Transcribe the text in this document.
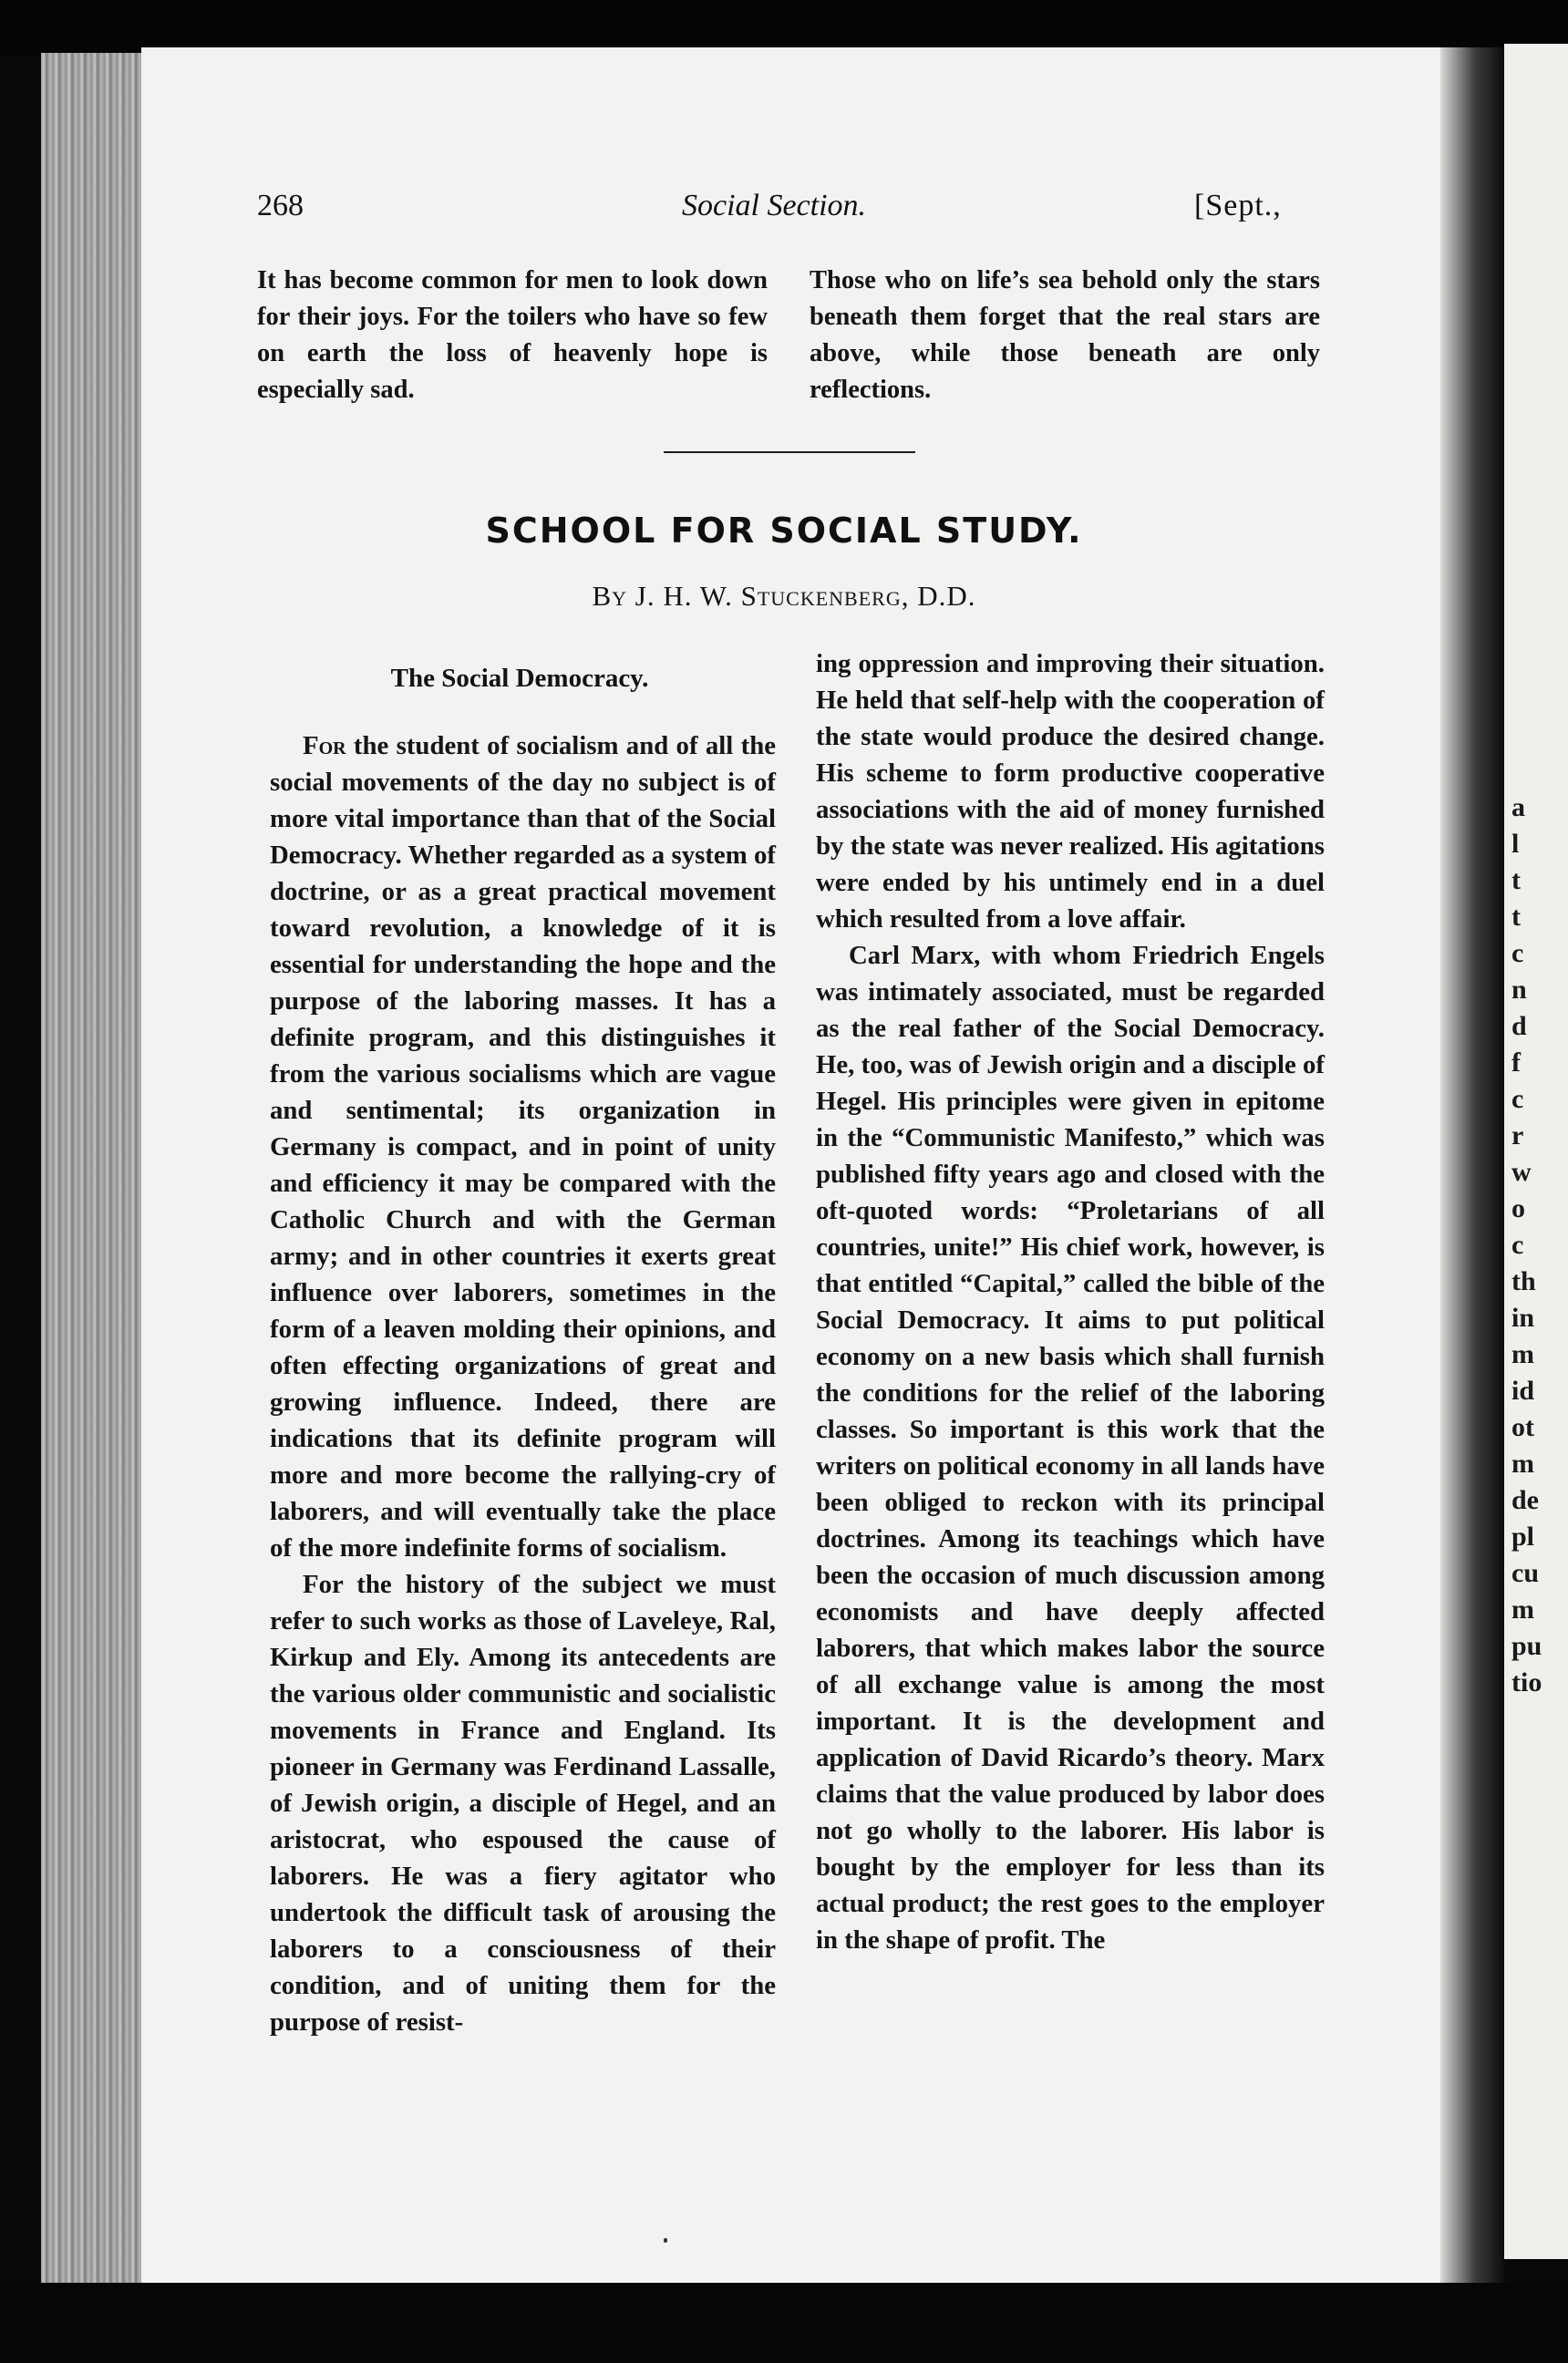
a
l
t
t
c
n
d
f
c
r
w
o
c
th
in
m
id
ot
m
de
pl
cu
m
pu
tio
268	Social Section.	[Sept.,
It has become common for men to look down for their joys. For the toilers who have so few on earth the loss of heavenly hope is especially sad.
Those who on life’s sea behold only the stars beneath them forget that the real stars are above, while those beneath are only reflections.
SCHOOL FOR SOCIAL STUDY.
By J. H. W. Stuckenberg, D.D.
The Social Democracy.

For the student of socialism and of all the social movements of the day no subject is of more vital importance than that of the Social Democracy. Whether regarded as a system of doctrine, or as a great practical movement toward revolution, a knowledge of it is essential for understanding the hope and the purpose of the laboring masses. It has a definite program, and this distinguishes it from the various socialisms which are vague and sentimental; its organization in Germany is compact, and in point of unity and efficiency it may be compared with the Catholic Church and with the German army; and in other countries it exerts great influence over laborers, sometimes in the form of a leaven molding their opinions, and often effecting organizations of great and growing influence. Indeed, there are indications that its definite program will more and more become the rallying-cry of laborers, and will eventually take the place of the more indefinite forms of socialism.

For the history of the subject we must refer to such works as those of Laveleye, Ral, Kirkup and Ely. Among its antecedents are the various older communistic and socialistic movements in France and England. Its pioneer in Germany was Ferdinand Lassalle, of Jewish origin, a disciple of Hegel, and an aristocrat, who espoused the cause of laborers. He was a fiery agitator who undertook the difficult task of arousing the laborers to a consciousness of their condition, and of uniting them for the purpose of resist-

ing oppression and improving their situation. He held that self-help with the cooperation of the state would produce the desired change. His scheme to form productive cooperative associations with the aid of money furnished by the state was never realized. His agitations were ended by his untimely end in a duel which resulted from a love affair.

Carl Marx, with whom Friedrich Engels was intimately associated, must be regarded as the real father of the Social Democracy. He, too, was of Jewish origin and a disciple of Hegel. His principles were given in epitome in the “Communistic Manifesto,” which was published fifty years ago and closed with the oft-quoted words: “Proletarians of all countries, unite!” His chief work, however, is that entitled “Capital,” called the bible of the Social Democracy. It aims to put political economy on a new basis which shall furnish the conditions for the relief of the laboring classes. So important is this work that the writers on political economy in all lands have been obliged to reckon with its principal doctrines. Among its teachings which have been the occasion of much discussion among economists and have deeply affected laborers, that which makes labor the source of all exchange value is among the most important. It is the development and application of David Ricardo’s theory. Marx claims that the value produced by labor does not go wholly to the laborer. His labor is bought by the employer for less than its actual product; the rest goes to the employer in the shape of profit. The
